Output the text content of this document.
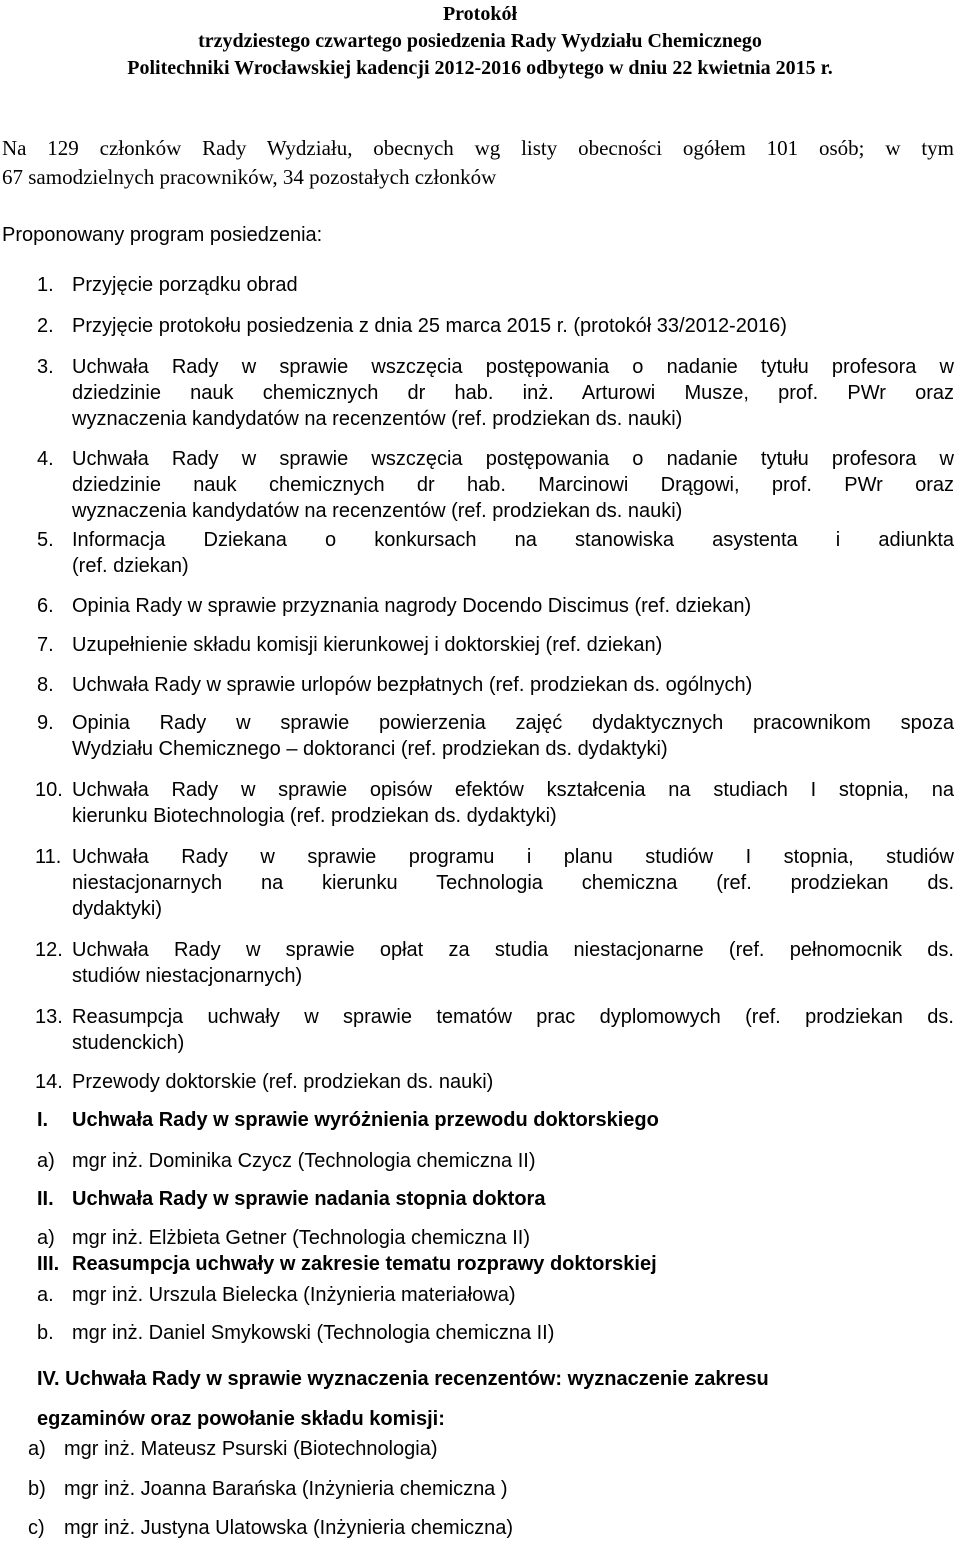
Protokół
trzydziestego czwartego posiedzenia Rady Wydziału Chemicznego
Politechniki Wrocławskiej kadencji 2012-2016 odbytego w dniu 22 kwietnia 2015 r.
Na 129 członków Rady Wydziału, obecnych wg listy obecności ogółem 101 osób; w tym
67 samodzielnych pracowników, 34 pozostałych członków
Proponowany program posiedzenia:
1. Przyjęcie porządku obrad
2. Przyjęcie protokołu posiedzenia z dnia 25 marca 2015 r. (protokół 33/2012-2016)
3. Uchwała Rady w sprawie wszczęcia postępowania o nadanie tytułu profesora w
dziedzinie nauk chemicznych dr hab. inż. Arturowi Musze, prof. PWr oraz
wyznaczenia kandydatów na recenzentów (ref. prodziekan ds. nauki)
4. Uchwała Rady w sprawie wszczęcia postępowania o nadanie tytułu profesora w
dziedzinie nauk chemicznych dr hab. Marcinowi Drągowi, prof. PWr oraz
wyznaczenia kandydatów na recenzentów (ref. prodziekan ds. nauki)
5. Informacja Dziekana o konkursach na stanowiska asystenta i adiunkta
(ref. dziekan)
6. Opinia Rady w sprawie przyznania nagrody Docendo Discimus (ref. dziekan)
7. Uzupełnienie składu komisji kierunkowej i doktorskiej (ref. dziekan)
8. Uchwała Rady w sprawie urlopów bezpłatnych (ref. prodziekan ds. ogólnych)
9. Opinia Rady w sprawie powierzenia zajęć dydaktycznych pracownikom spoza
Wydziału Chemicznego – doktoranci (ref. prodziekan ds. dydaktyki)
10. Uchwała Rady w sprawie opisów efektów kształcenia na studiach I stopnia, na
kierunku Biotechnologia (ref. prodziekan ds. dydaktyki)
11. Uchwała Rady w sprawie programu i planu studiów I stopnia, studiów
niestacjonarnych na kierunku Technologia chemiczna (ref. prodziekan ds.
dydaktyki)
12. Uchwała Rady w sprawie opłat za studia niestacjonarne (ref. pełnomocnik ds.
studiów niestacjonarnych)
13. Reasumpcja uchwały w sprawie tematów prac dyplomowych (ref. prodziekan ds.
studenckich)
14. Przewody doktorskie (ref. prodziekan ds. nauki)
I. Uchwała Rady w sprawie wyróżnienia przewodu doktorskiego
a) mgr inż. Dominika Czycz (Technologia chemiczna II)
II. Uchwała Rady w sprawie nadania stopnia doktora
a) mgr inż. Elżbieta Getner (Technologia chemiczna II)
III. Reasumpcja uchwały w zakresie tematu rozprawy doktorskiej
a. mgr inż. Urszula Bielecka (Inżynieria materiałowa)
b. mgr inż. Daniel Smykowski (Technologia chemiczna II)
IV. Uchwała Rady w sprawie wyznaczenia recenzentów: wyznaczenie zakresu
egzaminów oraz powołanie składu komisji:
a) mgr inż. Mateusz Psurski (Biotechnologia)
b) mgr inż. Joanna Barańska (Inżynieria chemiczna )
c) mgr inż. Justyna Ulatowska (Inżynieria chemiczna)
